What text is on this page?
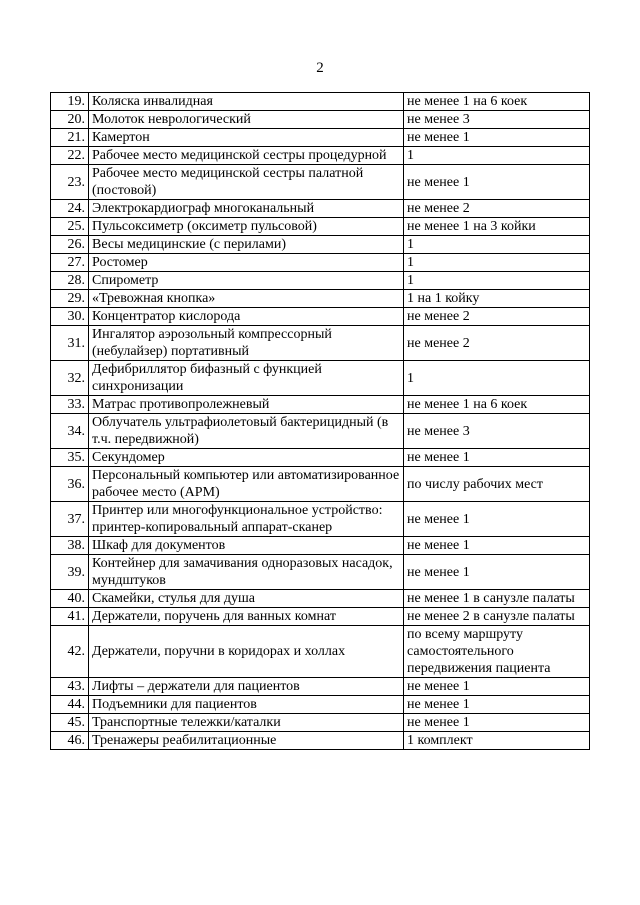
2
19.	Коляска инвалидная	не менее 1 на 6 коек
20.	Молоток неврологический	не менее 3
21.	Камертон	не менее 1
22.	Рабочее место медицинской сестры процедурной	1
23.	Рабочее место медицинской сестры палатной (постовой)	не менее 1
24.	Электрокардиограф многоканальный	не менее 2
25.	Пульсоксиметр (оксиметр пульсовой)	не менее 1 на 3 койки
26.	Весы медицинские (с перилами)	1
27.	Ростомер	1
28.	Спирометр	1
29.	«Тревожная кнопка»	1 на 1 койку
30.	Концентратор кислорода	не менее 2
31.	Ингалятор аэрозольный компрессорный (небулайзер) портативный	не менее 2
32.	Дефибриллятор бифазный с функцией синхронизации	1
33.	Матрас противопролежневый	не менее 1 на 6 коек
34.	Облучатель ультрафиолетовый бактерицидный (в т.ч. передвижной)	не менее 3
35.	Секундомер	не менее 1
36.	Персональный компьютер или автоматизированное рабочее место (АРМ)	по числу рабочих мест
37.	Принтер или многофункциональное устройство: принтер-копировальный аппарат-сканер	не менее 1
38.	Шкаф для документов	не менее 1
39.	Контейнер для замачивания одноразовых насадок, мундштуков	не менее 1
40.	Скамейки, стулья для душа	не менее 1 в санузле палаты
41.	Держатели, поручень для ванных комнат	не менее 2 в санузле палаты
42.	Держатели, поручни в коридорах и холлах	по всему маршруту самостоятельного передвижения пациента
43.	Лифты – держатели для пациентов	не менее 1
44.	Подъемники для пациентов	не менее 1
45.	Транспортные тележки/каталки	не менее 1
46.	Тренажеры реабилитационные	1 комплект
